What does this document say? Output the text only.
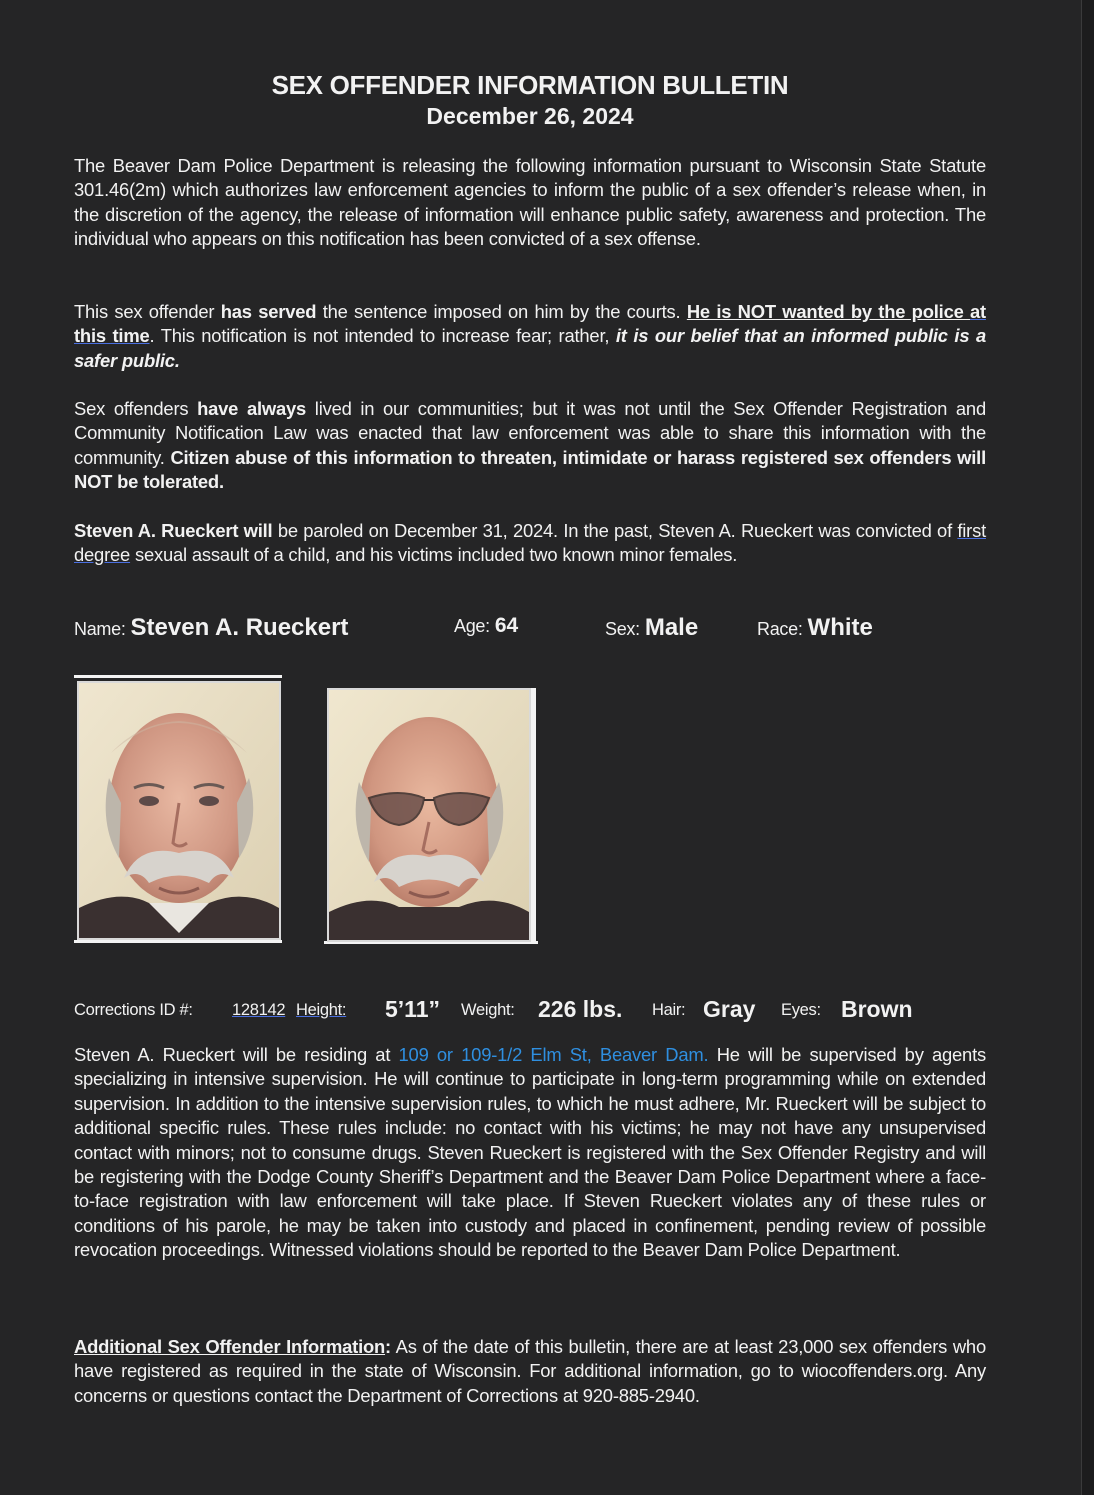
SEX OFFENDER INFORMATION BULLETIN
December 26, 2024
The Beaver Dam Police Department is releasing the following information pursuant to Wisconsin State Statute 301.46(2m) which authorizes law enforcement agencies to inform the public of a sex offender’s release when, in the discretion of the agency, the release of information will enhance public safety, awareness and protection. The individual who appears on this notification has been convicted of a sex offense.
This sex offender has served the sentence imposed on him by the courts. He is NOT wanted by the police at this time. This notification is not intended to increase fear; rather, it is our belief that an informed public is a safer public.
Sex offenders have always lived in our communities; but it was not until the Sex Offender Registration and Community Notification Law was enacted that law enforcement was able to share this information with the community. Citizen abuse of this information to threaten, intimidate or harass registered sex offenders will NOT be tolerated.
Steven A. Rueckert will be paroled on December 31, 2024. In the past, Steven A. Rueckert was convicted of first degree sexual assault of a child, and his victims included two known minor females.
Name: Steven A. Rueckert	Age: 64	Sex: Male	Race: White
Corrections ID #: 128142 Height: 5’11” Weight: 226 lbs. Hair: Gray Eyes: Brown
Steven A. Rueckert will be residing at 109 or 109-1/2 Elm St, Beaver Dam. He will be supervised by agents specializing in intensive supervision. He will continue to participate in long-term programming while on extended supervision. In addition to the intensive supervision rules, to which he must adhere, Mr. Rueckert will be subject to additional specific rules. These rules include: no contact with his victims; he may not have any unsupervised contact with minors; not to consume drugs. Steven Rueckert is registered with the Sex Offender Registry and will be registering with the Dodge County Sheriff’s Department and the Beaver Dam Police Department where a face-to-face registration with law enforcement will take place. If Steven Rueckert violates any of these rules or conditions of his parole, he may be taken into custody and placed in confinement, pending review of possible revocation proceedings. Witnessed violations should be reported to the Beaver Dam Police Department.
Additional Sex Offender Information: As of the date of this bulletin, there are at least 23,000 sex offenders who have registered as required in the state of Wisconsin. For additional information, go to wiocoffenders.org. Any concerns or questions contact the Department of Corrections at 920-885-2940.
